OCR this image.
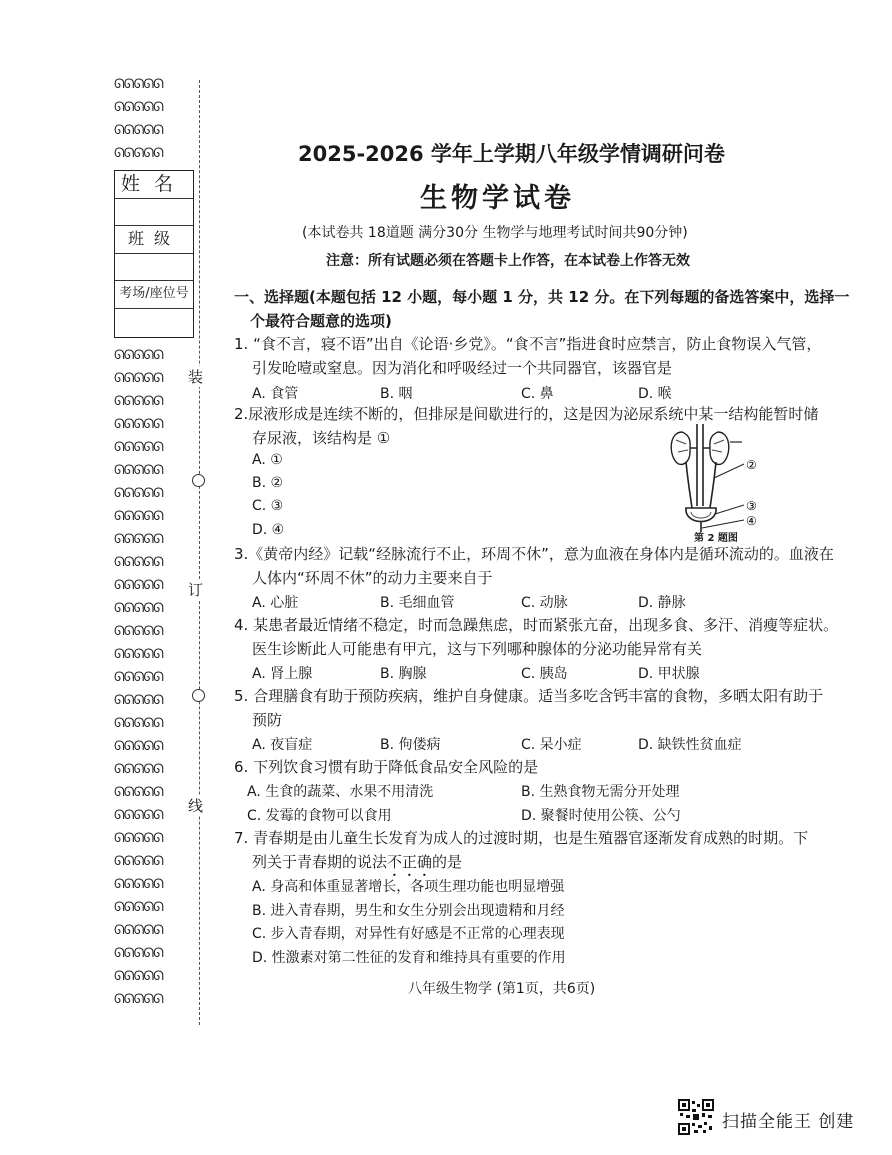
ᘏᘏᘏᘏᘏ
ᘏᘏᘏᘏᘏ
ᘏᘏᘏᘏᘏ
ᘏᘏᘏᘏᘏ
姓名
班级
考场/座位号
ᘏᘏᘏᘏᘏ
ᘏᘏᘏᘏᘏ
ᘏᘏᘏᘏᘏ
ᘏᘏᘏᘏᘏ
ᘏᘏᘏᘏᘏ
ᘏᘏᘏᘏᘏ
ᘏᘏᘏᘏᘏ
ᘏᘏᘏᘏᘏ
ᘏᘏᘏᘏᘏ
ᘏᘏᘏᘏᘏ
ᘏᘏᘏᘏᘏ
ᘏᘏᘏᘏᘏ
ᘏᘏᘏᘏᘏ
ᘏᘏᘏᘏᘏ
ᘏᘏᘏᘏᘏ
ᘏᘏᘏᘏᘏ
ᘏᘏᘏᘏᘏ
ᘏᘏᘏᘏᘏ
ᘏᘏᘏᘏᘏ
ᘏᘏᘏᘏᘏ
ᘏᘏᘏᘏᘏ
ᘏᘏᘏᘏᘏ
ᘏᘏᘏᘏᘏ
ᘏᘏᘏᘏᘏ
ᘏᘏᘏᘏᘏ
ᘏᘏᘏᘏᘏ
ᘏᘏᘏᘏᘏ
ᘏᘏᘏᘏᘏ
ᘏᘏᘏᘏᘏ
装
订
线
2025-2026 学年上学期八年级学情调研问卷
生物学试卷
(本试卷共 18道题 满分30分 生物学与地理考试时间共90分钟)
注意：所有试题必须在答题卡上作答，在本试卷上作答无效
一、选择题(本题包括 12 小题，每小题 1 分，共 12 分。在下列每题的备选答案中，选择一
个最符合题意的选项)
1. “食不言，寝不语”出自《论语·乡党》。“食不言”指进食时应禁言，防止食物误入气管，
引发呛噎或窒息。因为消化和呼吸经过一个共同器官，该器官是
A. 食管	B. 咽	C. 鼻	D. 喉
2.尿液形成是连续不断的，但排尿是间歇进行的，这是因为泌尿系统中某一结构能暂时储
存尿液，该结构是 ①
A. ①
B. ②
C. ③
D. ④
②
③
④
第 2 题图
3.《黄帝内经》记载“经脉流行不止，环周不休”，意为血液在身体内是循环流动的。血液在
人体内“环周不休”的动力主要来自于
A. 心脏	B. 毛细血管	C. 动脉	D. 静脉
4. 某患者最近情绪不稳定，时而急躁焦虑，时而紧张亢奋，出现多食、多汗、消瘦等症状。
医生诊断此人可能患有甲亢，这与下列哪种腺体的分泌功能异常有关
A. 肾上腺	B. 胸腺	C. 胰岛	D. 甲状腺
5. 合理膳食有助于预防疾病，维护自身健康。适当多吃含钙丰富的食物，多晒太阳有助于
预防
A. 夜盲症	B. 佝偻病	C. 呆小症	D. 缺铁性贫血症
6. 下列饮食习惯有助于降低食品安全风险的是
A. 生食的蔬菜、水果不用清洗	B. 生熟食物无需分开处理
C. 发霉的食物可以食用	D. 聚餐时使用公筷、公勺
7. 青春期是由儿童生长发育为成人的过渡时期，也是生殖器官逐渐发育成熟的时期。下
列关于青春期的说法不正确的是
A. 身高和体重显著增长，各项生理功能也明显增强
B. 进入青春期，男生和女生分别会出现遗精和月经
C. 步入青春期，对异性有好感是不正常的心理表现
D. 性激素对第二性征的发育和维持具有重要的作用
八年级生物学 (第1页，共6页)
扫描全能王 创建
